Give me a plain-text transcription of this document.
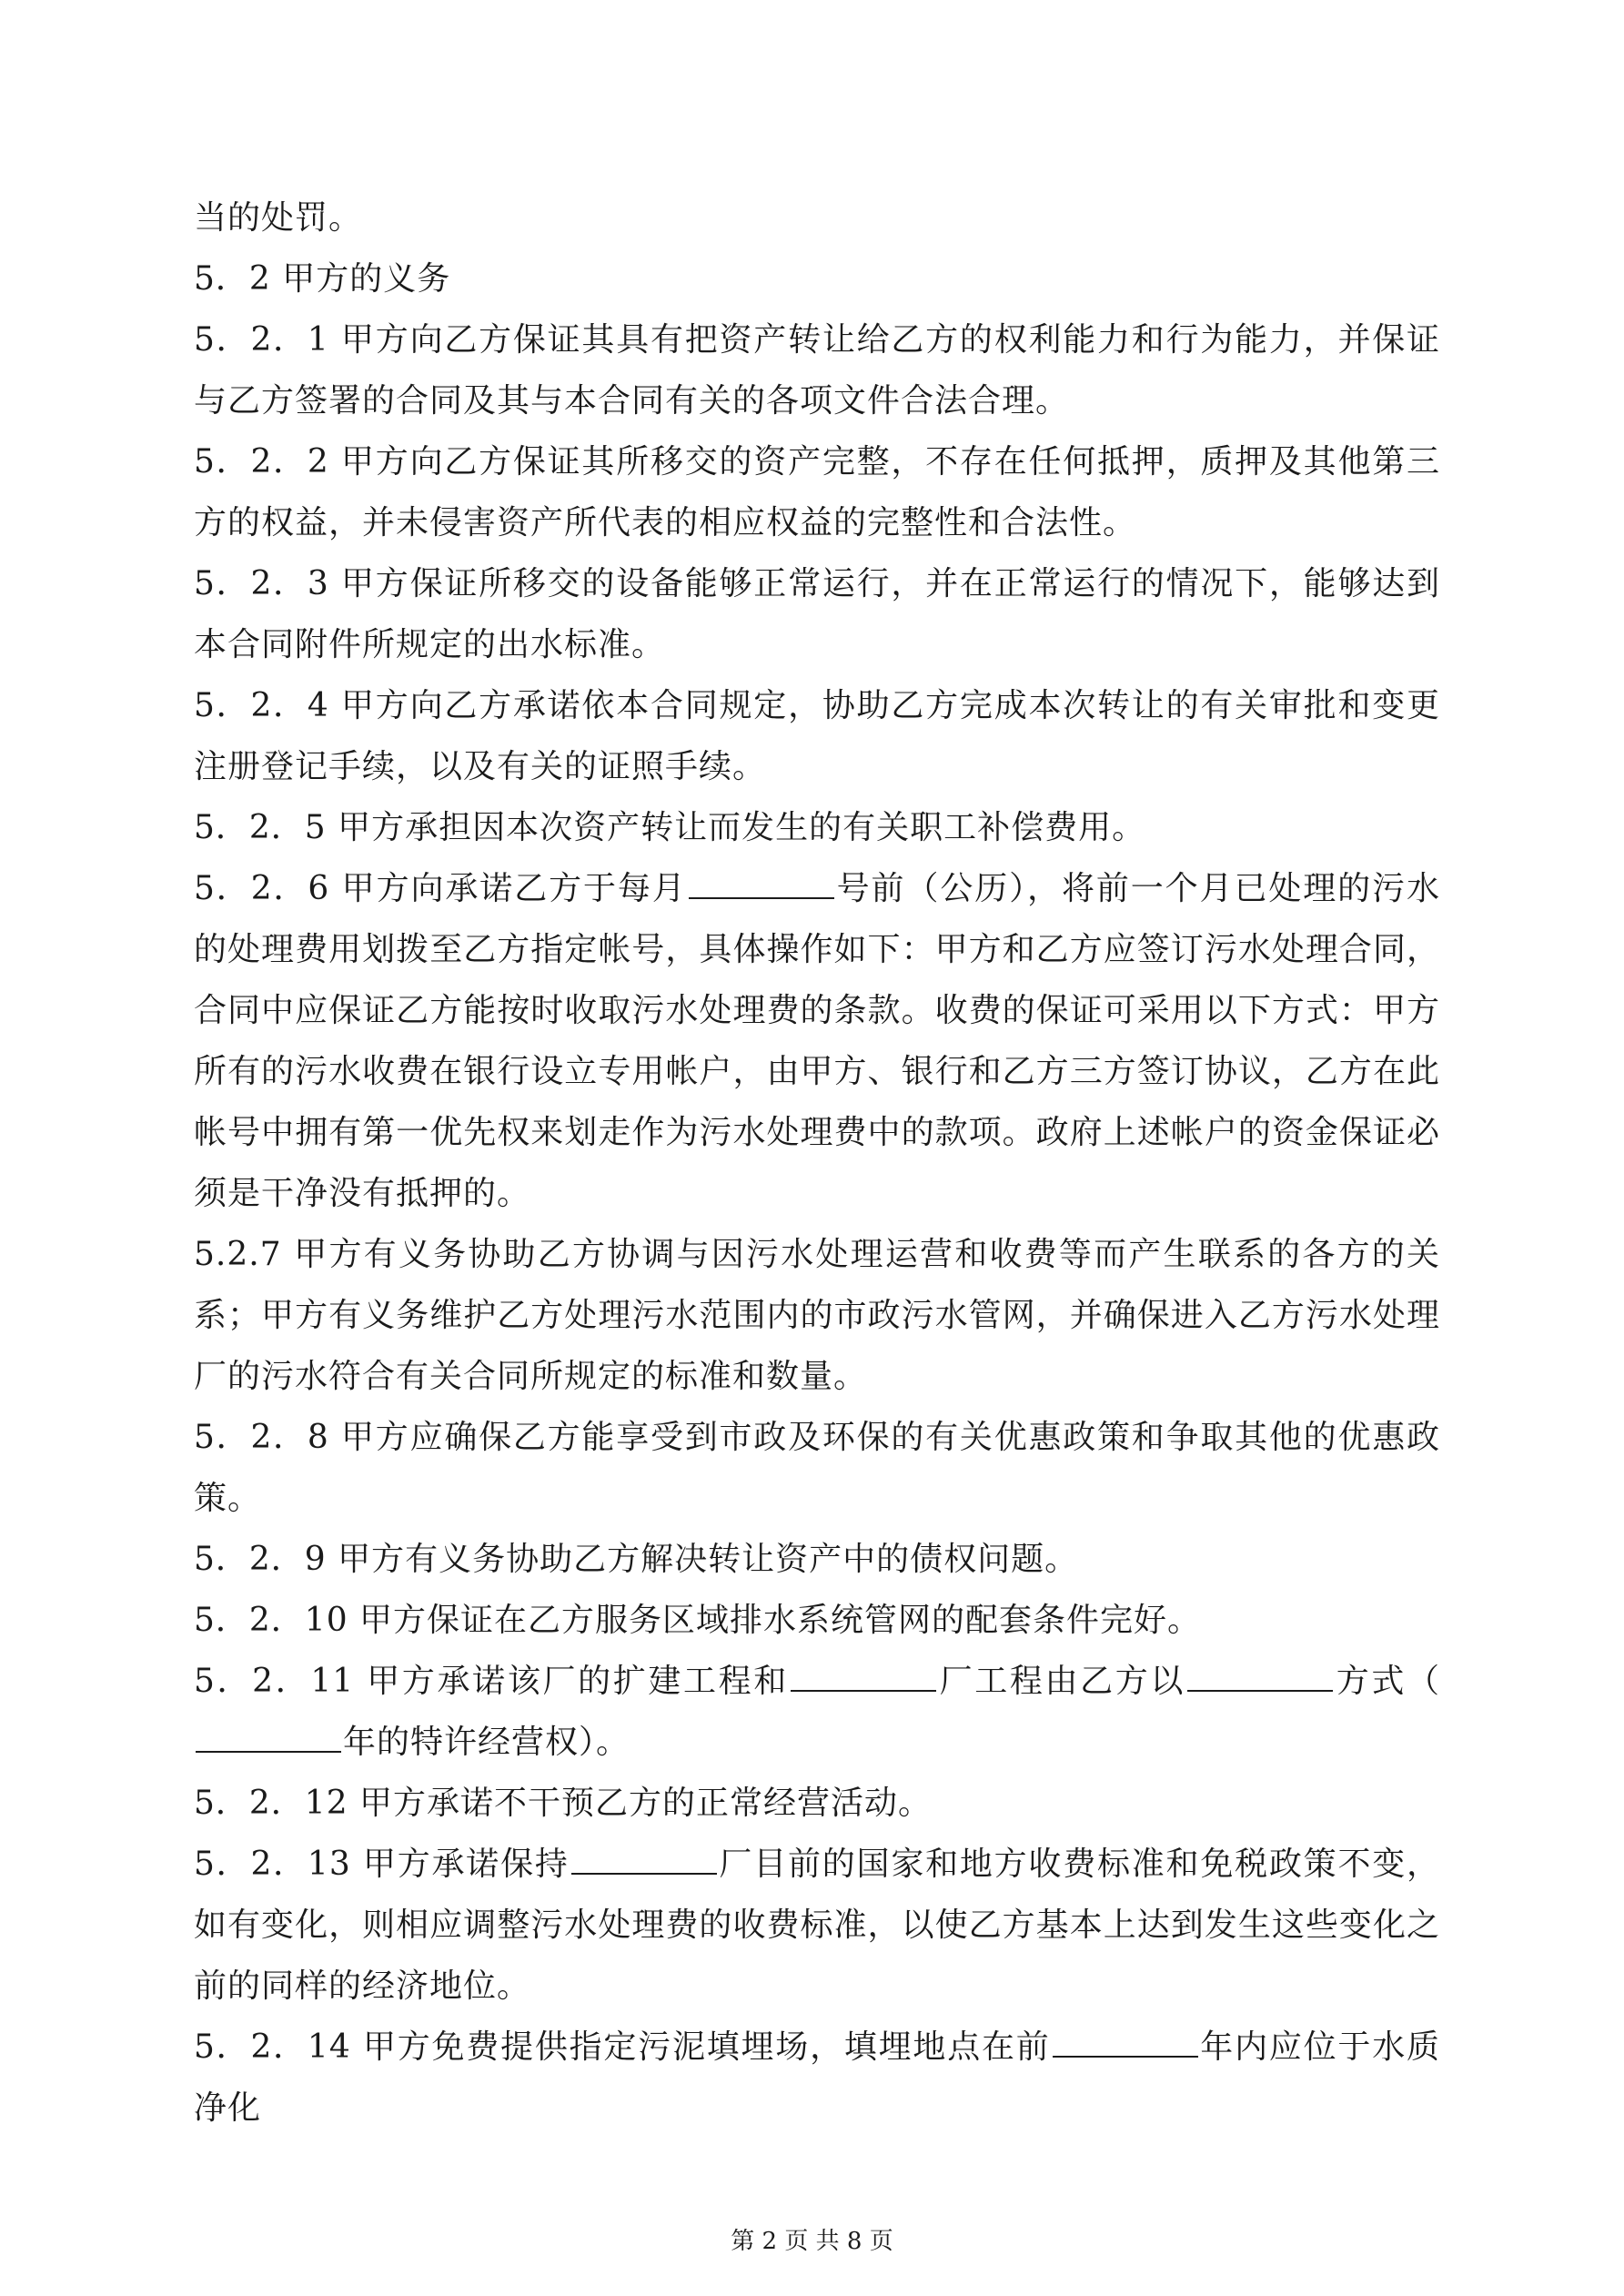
当的处罚。

5．2 甲方的义务

5．2．1 甲方向乙方保证其具有把资产转让给乙方的权利能力和行为能力，并保证与乙方签署的合同及其与本合同有关的各项文件合法合理。

5．2．2 甲方向乙方保证其所移交的资产完整，不存在任何抵押，质押及其他第三方的权益，并未侵害资产所代表的相应权益的完整性和合法性。

5．2．3 甲方保证所移交的设备能够正常运行，并在正常运行的情况下，能够达到本合同附件所规定的出水标准。

5．2．4 甲方向乙方承诺依本合同规定，协助乙方完成本次转让的有关审批和变更注册登记手续，以及有关的证照手续。

5．2．5 甲方承担因本次资产转让而发生的有关职工补偿费用。

5．2．6 甲方向承诺乙方于每月	号前（公历），将前一个月已处理的污水的处理费用划拨至乙方指定帐号，具体操作如下：甲方和乙方应签订污水处理合同，合同中应保证乙方能按时收取污水处理费的条款。收费的保证可采用以下方式：甲方所有的污水收费在银行设立专用帐户，由甲方、银行和乙方三方签订协议，乙方在此帐号中拥有第一优先权来划走作为污水处理费中的款项。政府上述帐户的资金保证必须是干净没有抵押的。

5.2.7 甲方有义务协助乙方协调与因污水处理运营和收费等而产生联系的各方的关系；甲方有义务维护乙方处理污水范围内的市政污水管网，并确保进入乙方污水处理厂的污水符合有关合同所规定的标准和数量。

5．2．8 甲方应确保乙方能享受到市政及环保的有关优惠政策和争取其他的优惠政策。

5．2．9 甲方有义务协助乙方解决转让资产中的债权问题。

5．2．10 甲方保证在乙方服务区域排水系统管网的配套条件完好。

5．2．11 甲方承诺该厂的扩建工程和	厂工程由乙方以	方式（年的特许经营权）。

5．2．12 甲方承诺不干预乙方的正常经营活动。

5．2．13 甲方承诺保持	厂目前的国家和地方收费标准和免税政策不变，如有变化，则相应调整污水处理费的收费标准，以使乙方基本上达到发生这些变化之前的同样的经济地位。

5．2．14 甲方免费提供指定污泥填埋场，填埋地点在前	年内应位于水质净化

第 2 页 共 8 页
